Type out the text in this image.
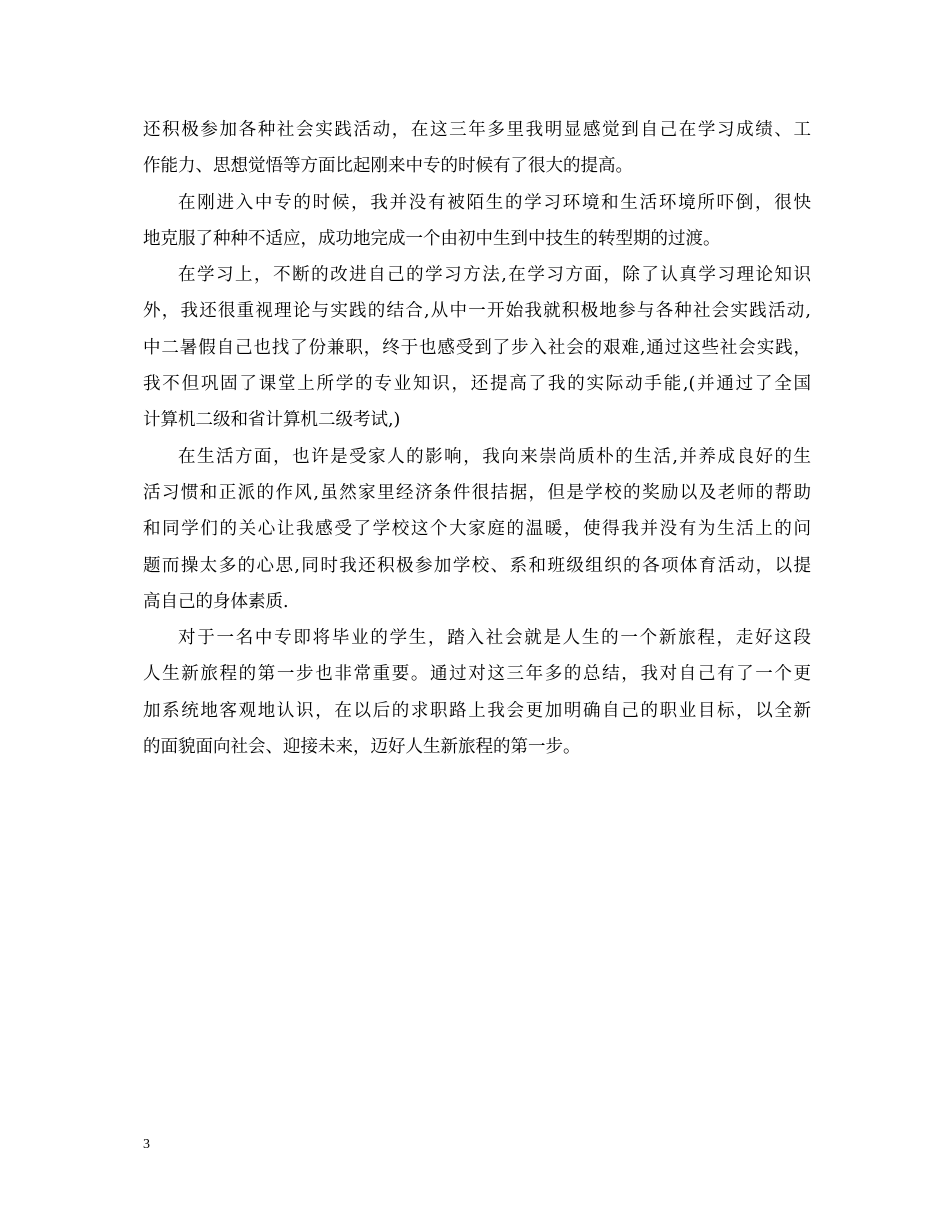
还积极参加各种社会实践活动，在这三年多里我明显感觉到自己在学习成绩、工
作能力、思想觉悟等方面比起刚来中专的时候有了很大的提高。
在刚进入中专的时候，我并没有被陌生的学习环境和生活环境所吓倒，很快
地克服了种种不适应，成功地完成一个由初中生到中技生的转型期的过渡。
在学习上，不断的改进自己的学习方法,在学习方面，除了认真学习理论知识
外，我还很重视理论与实践的结合,从中一开始我就积极地参与各种社会实践活动,
中二暑假自己也找了份兼职，终于也感受到了步入社会的艰难,通过这些社会实践，
我不但巩固了课堂上所学的专业知识，还提高了我的实际动手能,(并通过了全国
计算机二级和省计算机二级考试,)
在生活方面，也许是受家人的影响，我向来崇尚质朴的生活,并养成良好的生
活习惯和正派的作风,虽然家里经济条件很拮据，但是学校的奖励以及老师的帮助
和同学们的关心让我感受了学校这个大家庭的温暖，使得我并没有为生活上的问
题而操太多的心思,同时我还积极参加学校、系和班级组织的各项体育活动，以提
高自己的身体素质.
对于一名中专即将毕业的学生，踏入社会就是人生的一个新旅程，走好这段
人生新旅程的第一步也非常重要。通过对这三年多的总结，我对自己有了一个更
加系统地客观地认识，在以后的求职路上我会更加明确自己的职业目标，以全新
的面貌面向社会、迎接未来，迈好人生新旅程的第一步。
3
